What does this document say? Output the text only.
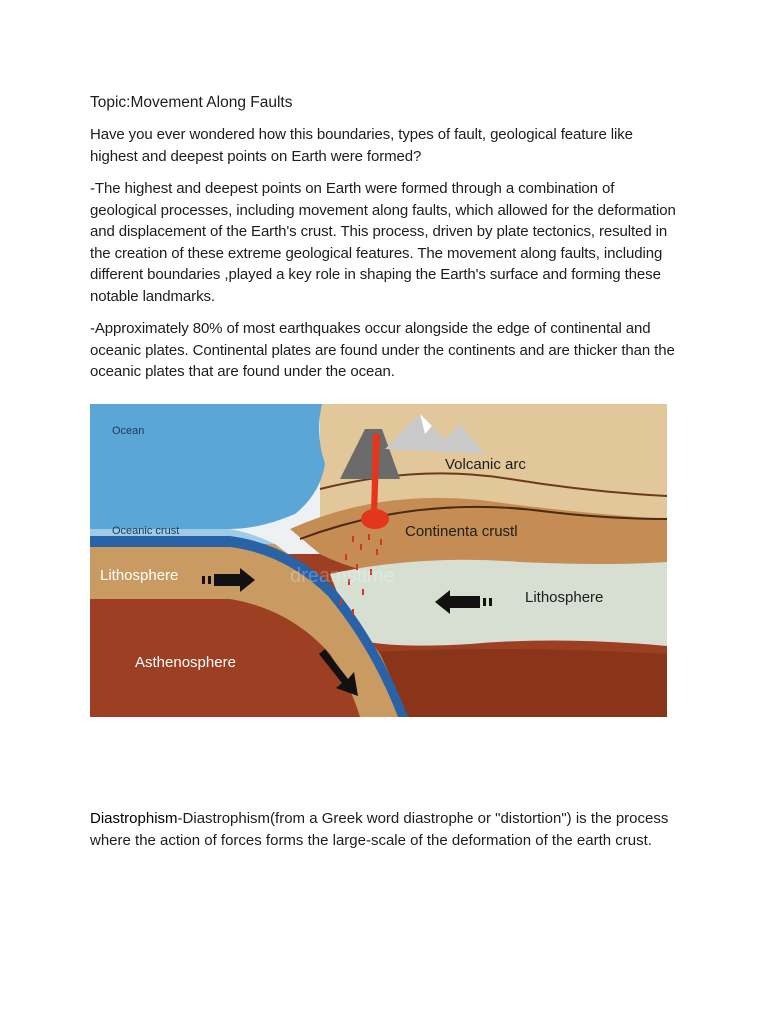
Topic:Movement Along Faults

Have you ever wondered how this boundaries, types of fault, geological feature like highest and deepest points on Earth were formed?

-The highest and deepest points on Earth were formed through a combination of geological processes, including movement along faults, which allowed for the deformation and displacement of the Earth's crust. This process, driven by plate tectonics, resulted in the creation of these extreme geological features. The movement along faults, including different boundaries ,played a key role in shaping the Earth's surface and forming these notable landmarks.

-Approximately 80% of most earthquakes occur alongside the edge of continental and oceanic plates. Continental plates are found under the continents and are thicker than the oceanic plates that are found under the ocean.

Ocean
Oceanic crust
Lithosphere
Asthenosphere
Volcanic arc
Continenta crustl
Lithosphere
dreamstime

Diastrophism-Diastrophism(from a Greek word diastrophe or "distortion") is the process where the action of forces forms the large-scale of the deformation of the earth crust.
